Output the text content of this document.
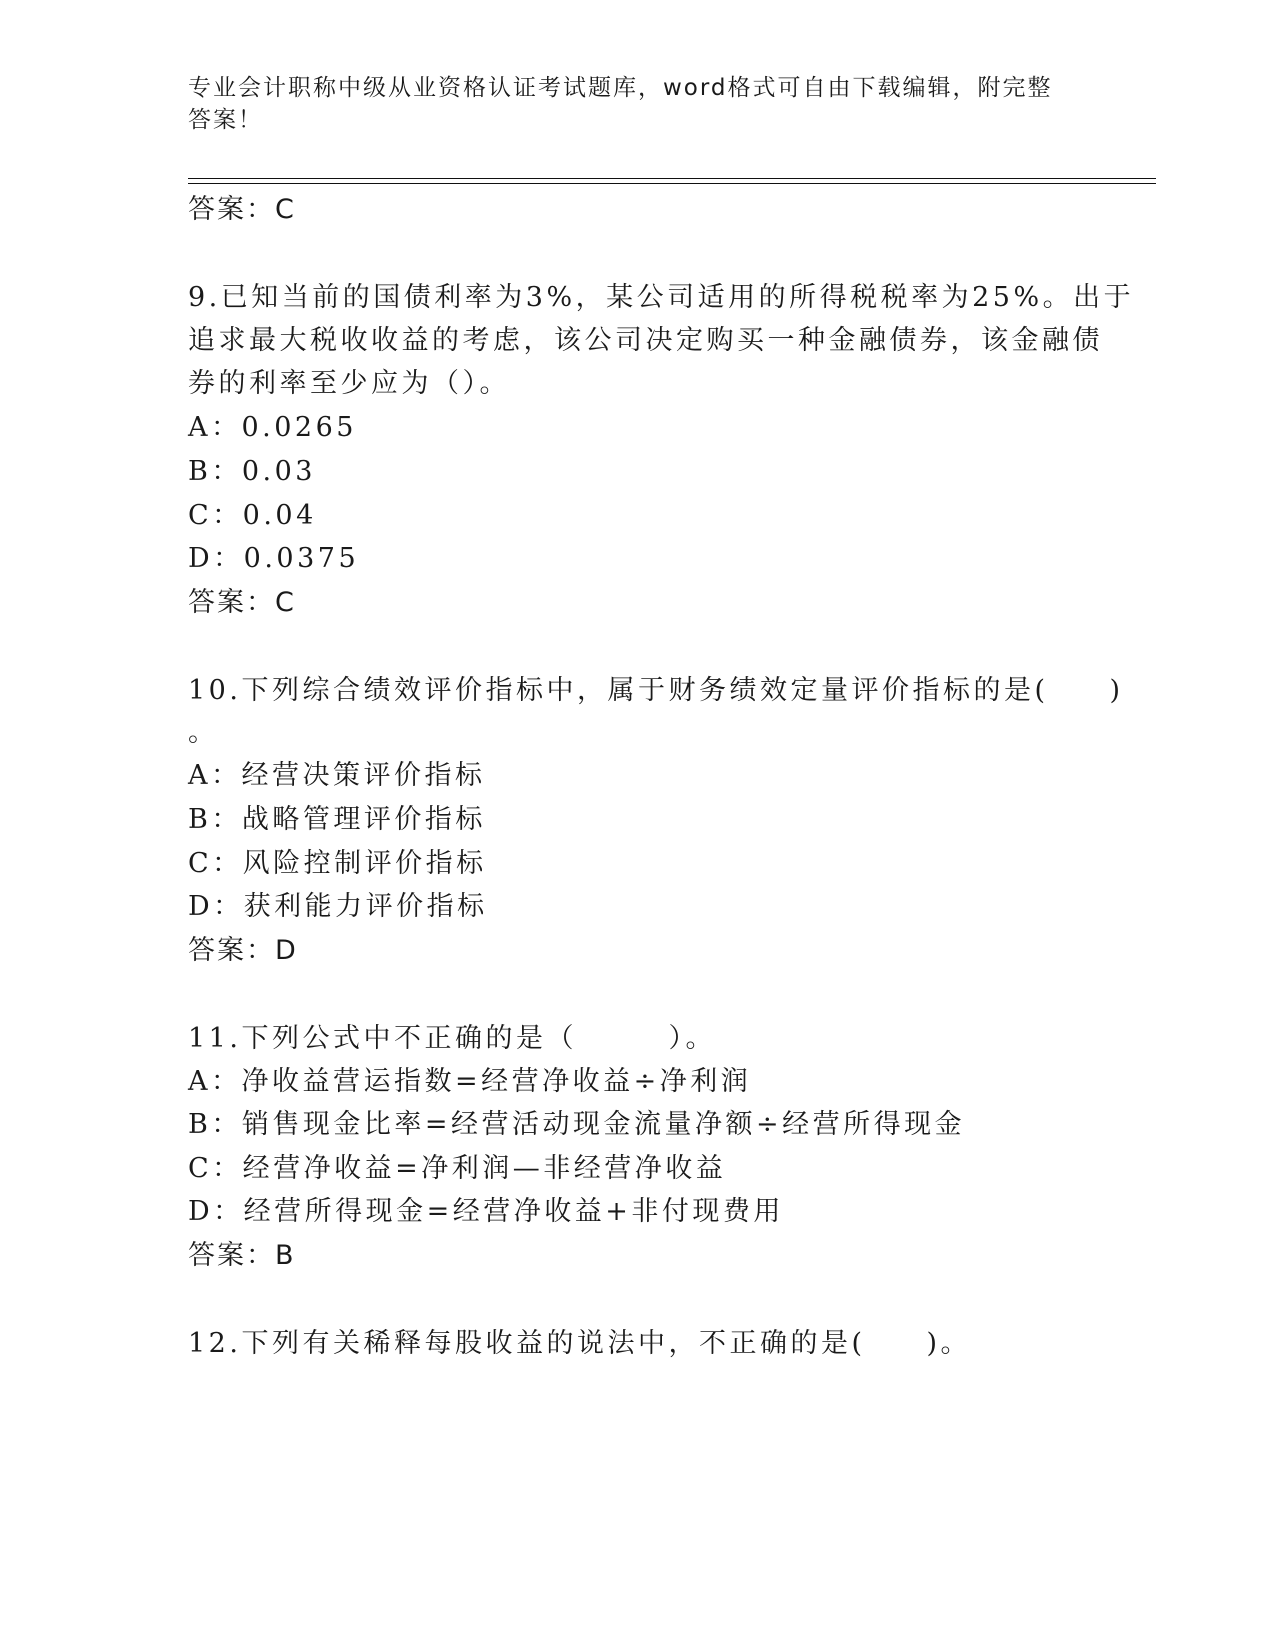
专业会计职称中级从业资格认证考试题库，word格式可自由下载编辑，附完整答案！
答案：C
9.已知当前的国债利率为3%，某公司适用的所得税税率为25%。出于
追求最大税收收益的考虑，该公司决定购买一种金融债券，该金融债
券的利率至少应为（）。
A：0.0265
B：0.03
C：0.04
D：0.0375
答案：C
10.下列综合绩效评价指标中，属于财务绩效定量评价指标的是(　　)
。
A：经营决策评价指标
B：战略管理评价指标
C：风险控制评价指标
D：获利能力评价指标
答案：D
11.下列公式中不正确的是（　　　）。
A：净收益营运指数=经营净收益÷净利润
B：销售现金比率=经营活动现金流量净额÷经营所得现金
C：经营净收益=净利润—非经营净收益
D：经营所得现金=经营净收益+非付现费用
答案：B
12.下列有关稀释每股收益的说法中，不正确的是(　　)。
